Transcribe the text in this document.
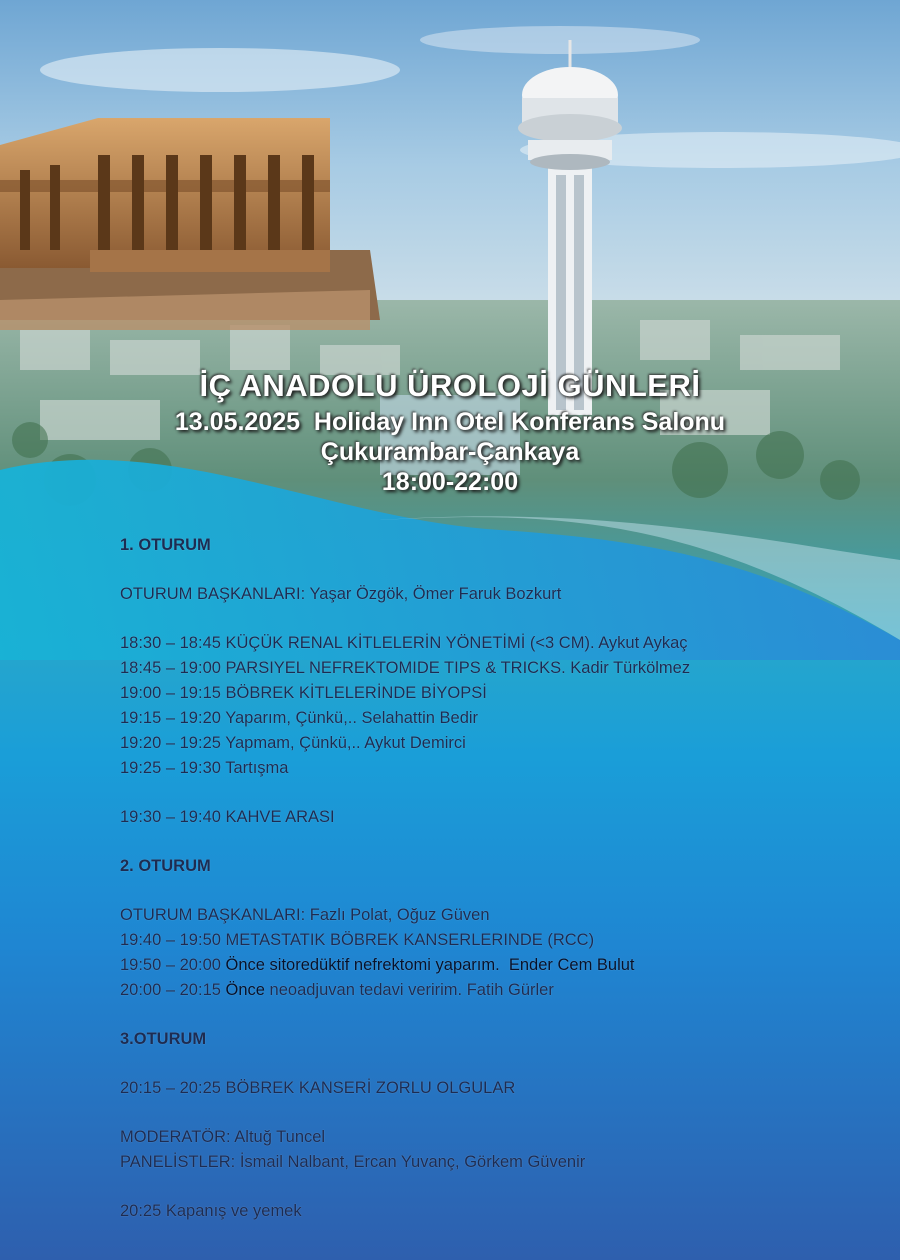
İÇ ANADOLU ÜROLOJİ GÜNLERİ
13.05.2025  Holiday Inn Otel Konferans Salonu
Çukurambar-Çankaya
18:00-22:00
1. OTURUM
OTURUM BAŞKANLARI: Yaşar Özgök, Ömer Faruk Bozkurt
18:30 – 18:45 KÜÇÜK RENAL KİTLELERİN YÖNETİMİ (<3 CM). Aykut Aykaç
18:45 – 19:00 PARSIYEL NEFREKTOMIDE TIPS & TRICKS. Kadir Türkölmez
19:00 – 19:15 BÖBREK KİTLELERİNDE BİYOPSİ
19:15 – 19:20 Yaparım, Çünkü,.. Selahattin Bedir
19:20 – 19:25 Yapmam, Çünkü,.. Aykut Demirci
19:25 – 19:30 Tartışma
19:30 – 19:40 KAHVE ARASI
2. OTURUM
OTURUM BAŞKANLARI: Fazlı Polat, Oğuz Güven
19:40 – 19:50 METASTATIK BÖBREK KANSERLERINDE (RCC)
19:50 – 20:00 Önce sitoredüktif nefrektomi yaparım.  Ender Cem Bulut
20:00 – 20:15 Önce neoadjuvan tedavi veririm. Fatih Gürler
3.OTURUM
20:15 – 20:25 BÖBREK KANSERİ ZORLU OLGULAR
MODERATÖR: Altuğ Tuncel
PANELİSTLER: İsmail Nalbant, Ercan Yuvanç, Görkem Güvenir
20:25 Kapanış ve yemek
